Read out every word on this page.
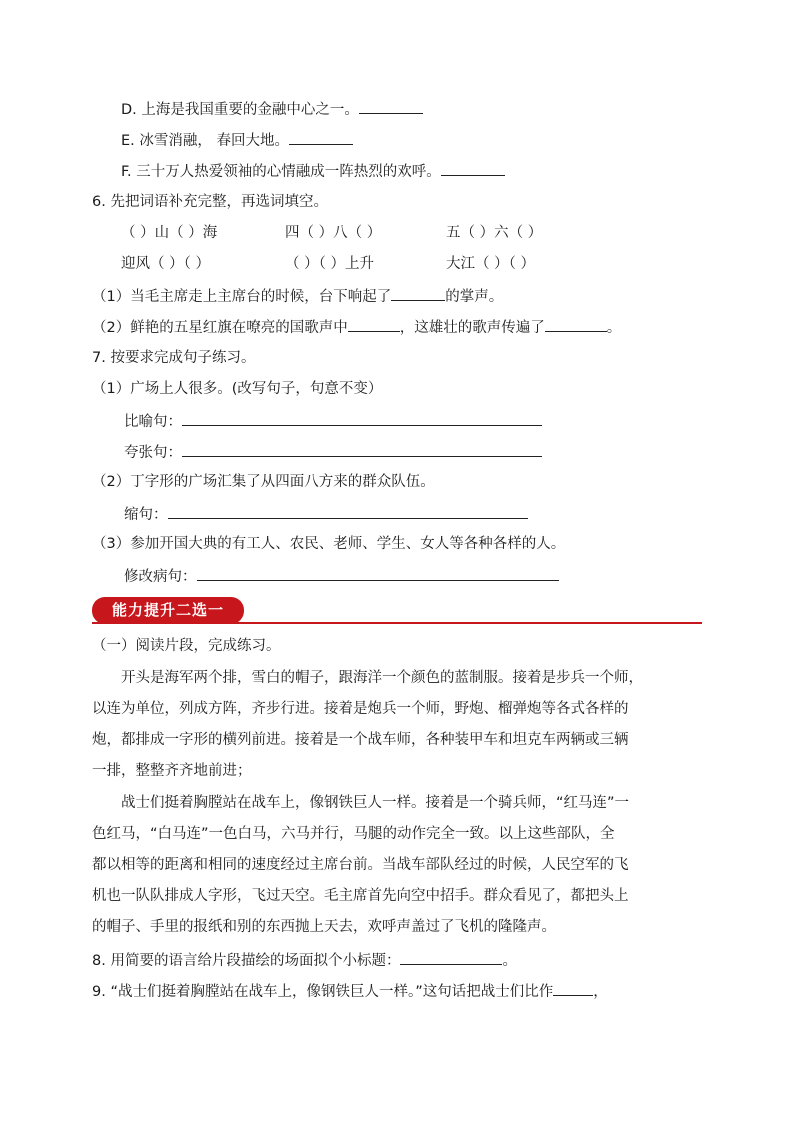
D. 上海是我国重要的金融中心之一。
E. 冰雪消融， 春回大地。
F. 三十万人热爱领袖的心情融成一阵热烈的欢呼。
6. 先把词语补充完整，再选词填空。
（ ）山（ ）海	四（ ）八（ ）	五（ ）六（ ）
迎风（ ）（ ）	（ ）（ ）上升	大江（ ）（ ）
（1）当毛主席走上主席台的时候，台下响起了	的掌声。
（2）鲜艳的五星红旗在嘹亮的国歌声中	，这雄壮的歌声传遍了	。
7. 按要求完成句子练习。
（1）广场上人很多。(改写句子，句意不变）
比喻句：
夸张句：
（2）丁字形的广场汇集了从四面八方来的群众队伍。
缩句：
（3）参加开国大典的有工人、农民、老师、学生、女人等各种各样的人。
修改病句：
能力提升二选一
（一）阅读片段，完成练习。
开头是海军两个排，雪白的帽子，跟海洋一个颜色的蓝制服。接着是步兵一个师，
以连为单位，列成方阵，齐步行进。接着是炮兵一个师，野炮、榴弹炮等各式各样的
炮，都排成一字形的横列前进。接着是一个战车师，各种装甲车和坦克车两辆或三辆
一排，整整齐齐地前进；
战士们挺着胸膛站在战车上，像钢铁巨人一样。接着是一个骑兵师，“红马连”一
色红马，“白马连”一色白马，六马并行，马腿的动作完全一致。以上这些部队，全
都以相等的距离和相同的速度经过主席台前。当战车部队经过的时候，人民空军的飞
机也一队队排成人字形，飞过天空。毛主席首先向空中招手。群众看见了，都把头上
的帽子、手里的报纸和别的东西抛上天去，欢呼声盖过了飞机的隆隆声。
8. 用简要的语言给片段描绘的场面拟个小标题：	。
9. “战士们挺着胸膛站在战车上，像钢铁巨人一样。”这句话把战士们比作	，
